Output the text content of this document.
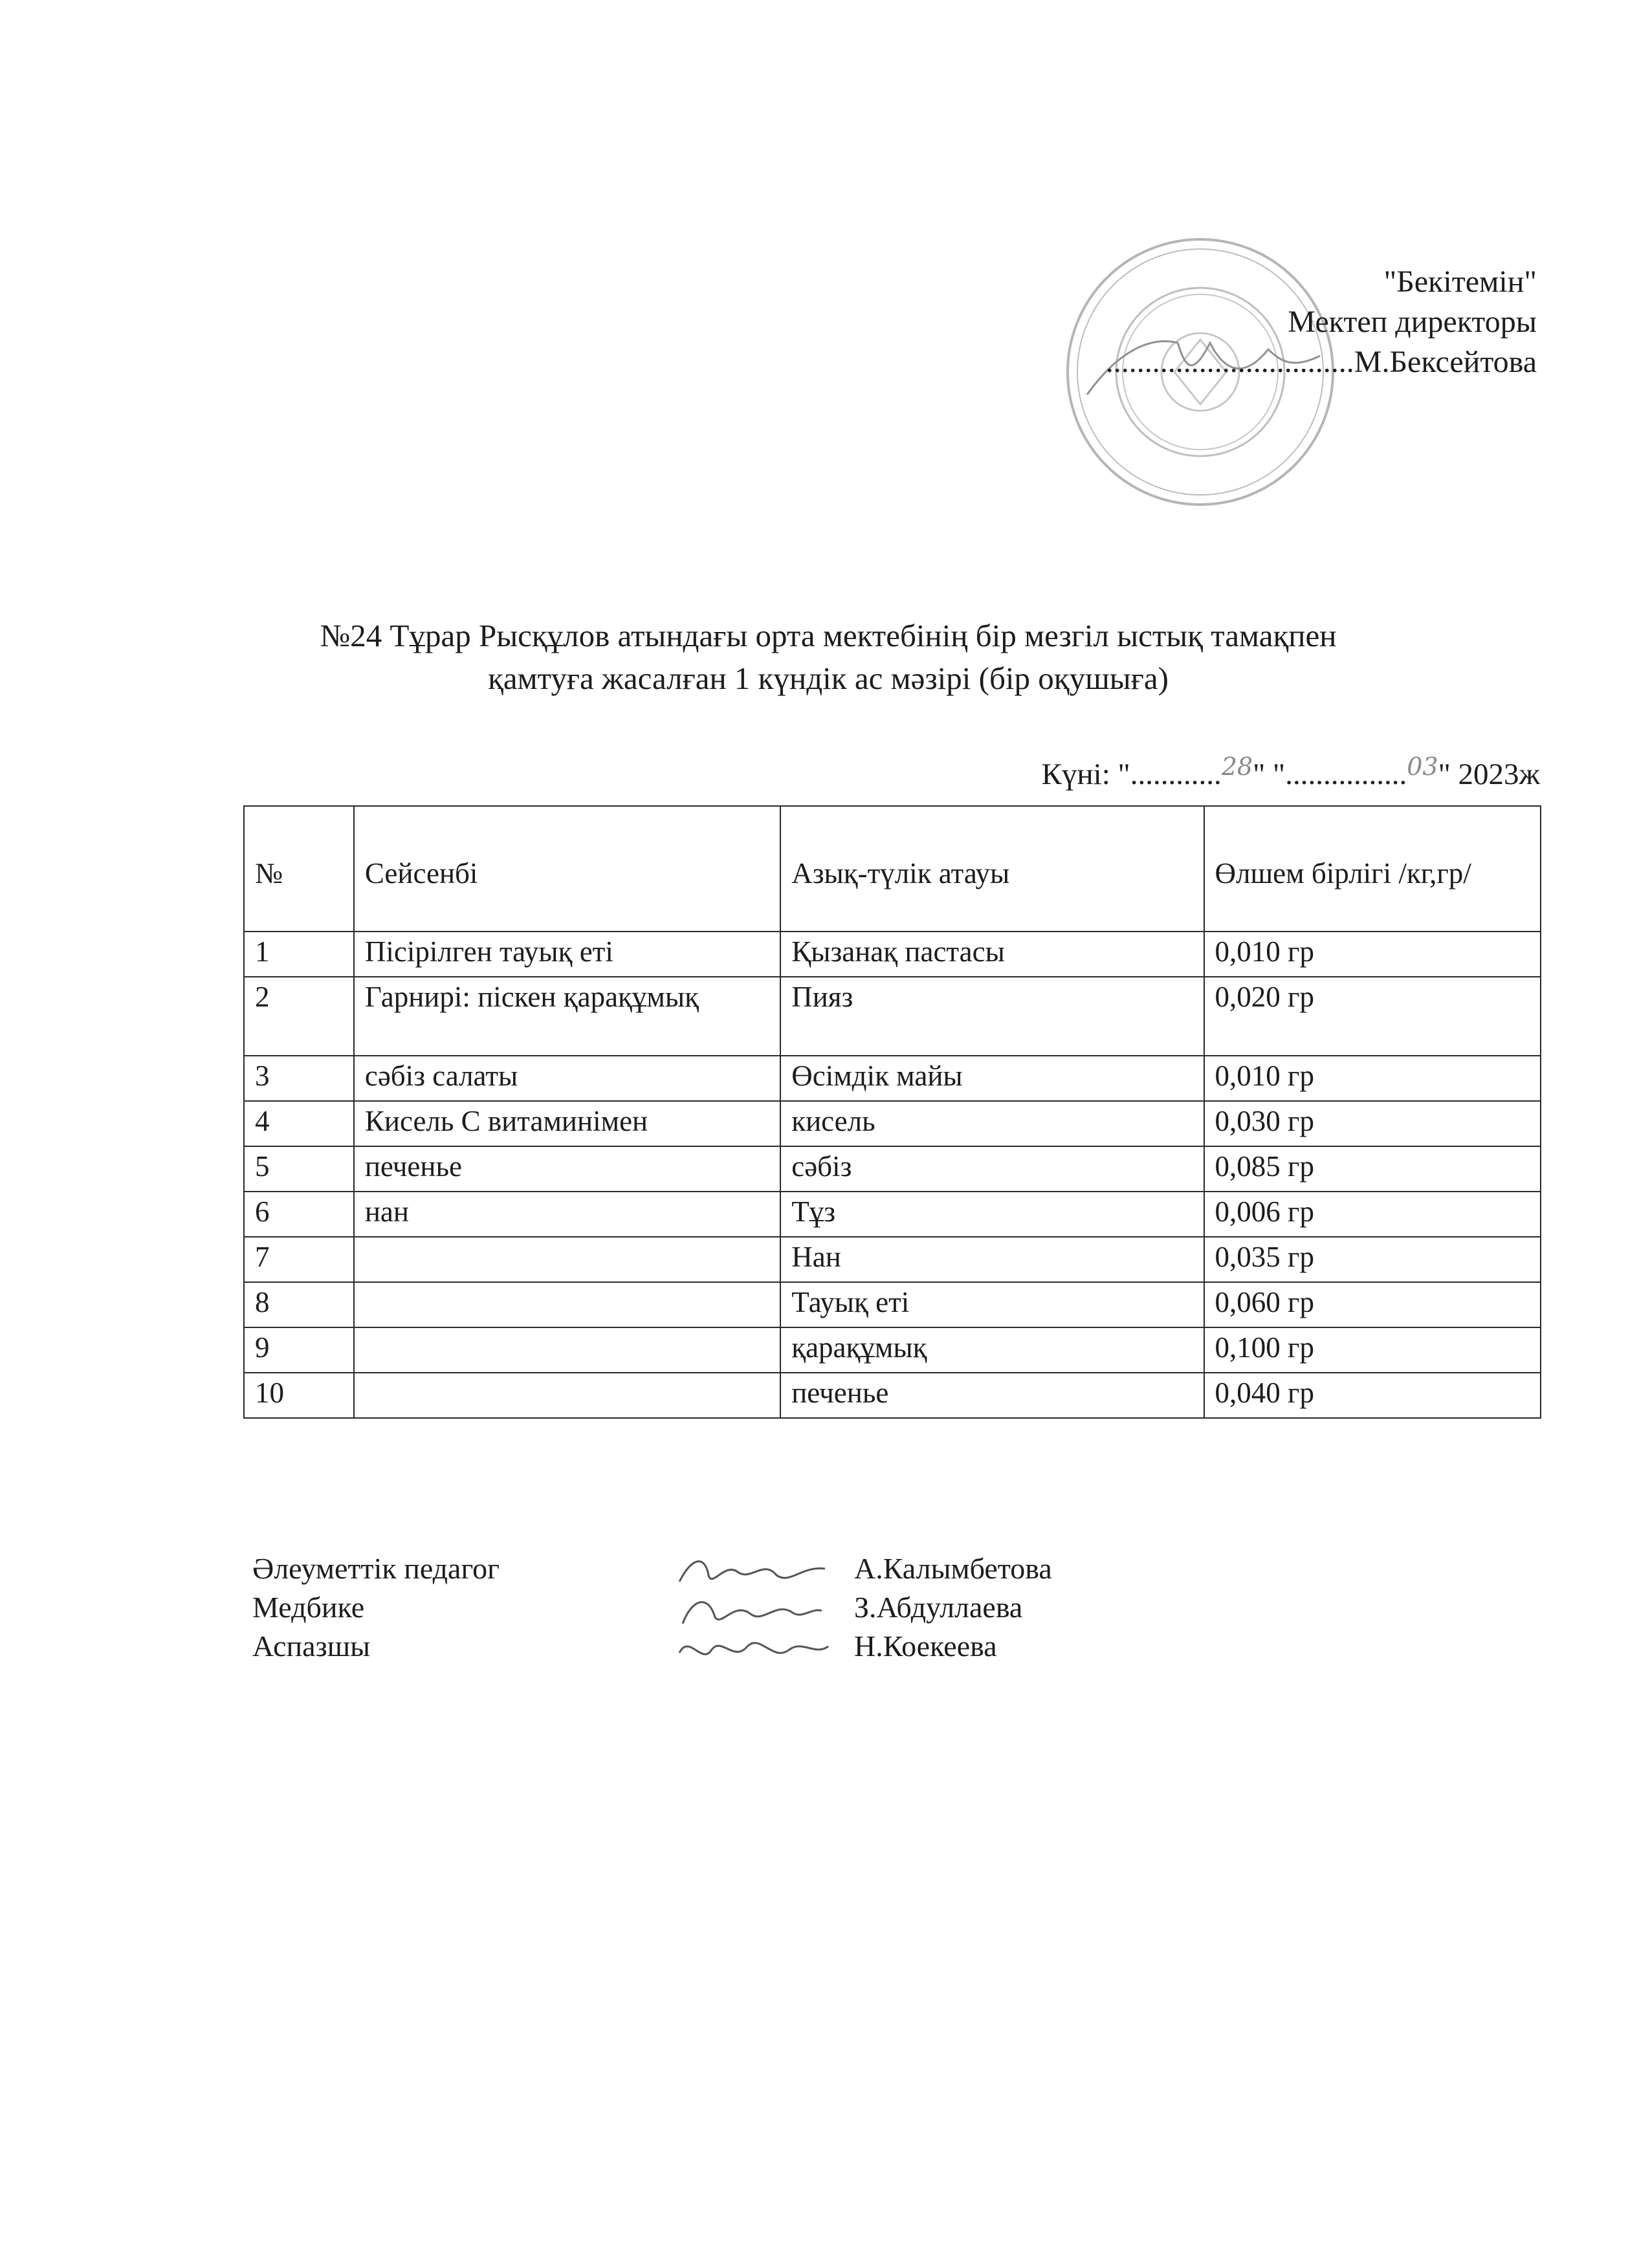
"Бекітемін"
Мектеп директоры
................................М.Бексейтова
№24 Тұрар Рысқұлов атындағы орта мектебінің бір мезгіл ыстық тамақпен
қамтуға жасалған 1 күндік ас мәзірі (бір оқушыға)
Күні: "............$^{28}$" "................$^{03}$" 2023ж
№	Сейсенбі	Азық-түлік атауы	Өлшем бірлігі /кг,гр/

1	Пісірілген тауық еті	Қызанақ пастасы	0,010 гр
2	Гарнирі: піскен қарақұмық	Пияз	0,020 гр
3	сәбіз салаты	Өсімдік майы	0,010 гр
4	Кисель С витаминімен	кисель	0,030 гр
5	печенье	сәбіз	0,085 гр
6	нан	Тұз	0,006 гр
7		Нан	0,035 гр
8		Тауық еті	0,060 гр
9		қарақұмық	0,100 гр
10		печенье	0,040 гр
Әлеуметтік педагог	А.Калымбетова
Медбике	З.Абдуллаева
Аспазшы	Н.Коекеева
